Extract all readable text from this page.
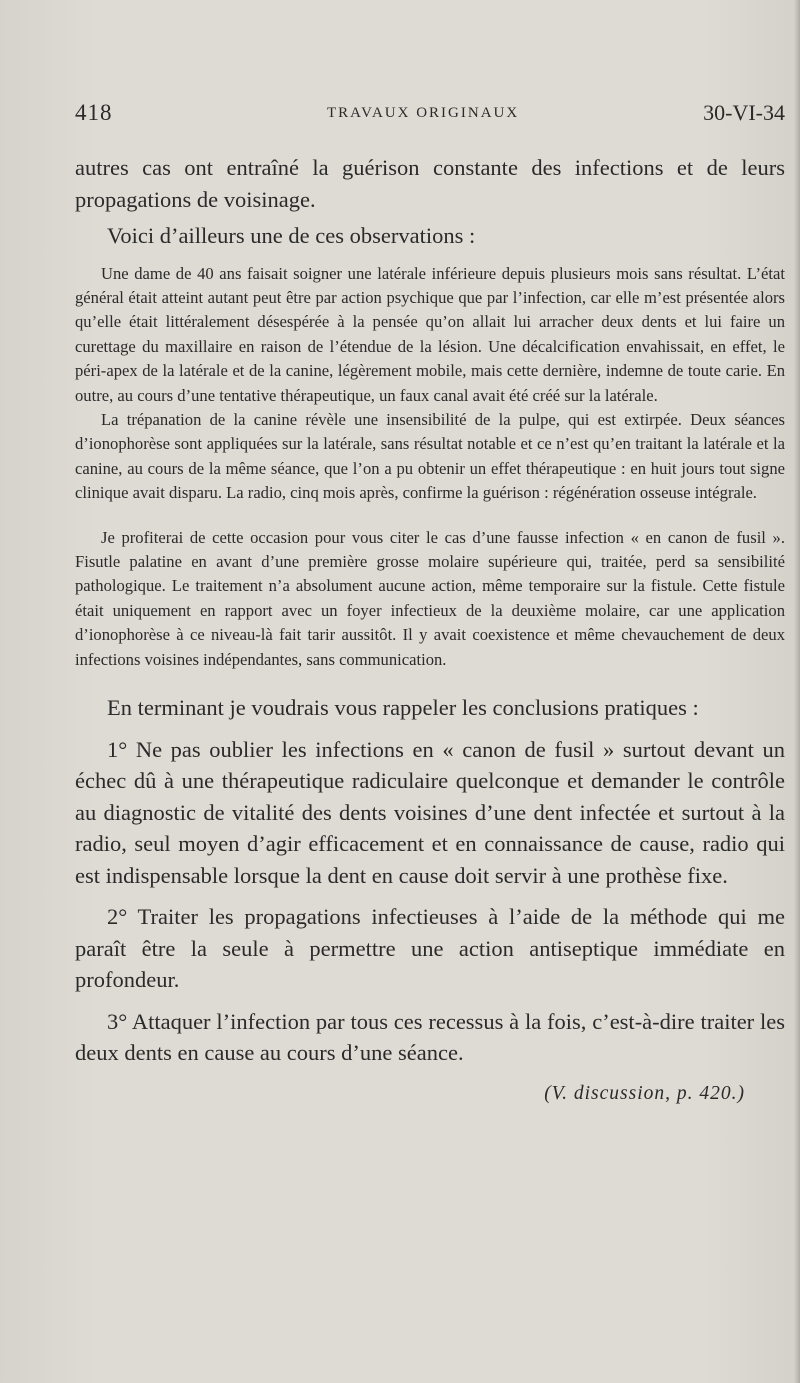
418	TRAVAUX ORIGINAUX	30-VI-34

autres cas ont entraîné la guérison constante des infections et de leurs propagations de voisinage.

Voici d’ailleurs une de ces observations :

Une dame de 40 ans faisait soigner une latérale inférieure depuis plusieurs mois sans résultat. L’état général était atteint autant peut être par action psychique que par l’infection, car elle m’est présentée alors qu’elle était littéralement désespérée à la pensée qu’on allait lui arracher deux dents et lui faire un curettage du maxillaire en raison de l’étendue de la lésion. Une décalcification envahissait, en effet, le péri-apex de la latérale et de la canine, légèrement mobile, mais cette dernière, indemne de toute carie. En outre, au cours d’une tentative thérapeutique, un faux canal avait été créé sur la latérale.

La trépanation de la canine révèle une insensibilité de la pulpe, qui est extirpée. Deux séances d’ionophorèse sont appliquées sur la latérale, sans résultat notable et ce n’est qu’en traitant la latérale et la canine, au cours de la même séance, que l’on a pu obtenir un effet thérapeutique : en huit jours tout signe clinique avait disparu. La radio, cinq mois après, confirme la guérison : régénération osseuse intégrale.

Je profiterai de cette occasion pour vous citer le cas d’une fausse infection « en canon de fusil ». Fisutle palatine en avant d’une première grosse molaire supérieure qui, traitée, perd sa sensibilité pathologique. Le traitement n’a absolument aucune action, même temporaire sur la fistule. Cette fistule était uniquement en rapport avec un foyer infectieux de la deuxième molaire, car une application d’ionophorèse à ce niveau-là fait tarir aussitôt. Il y avait coexistence et même chevauchement de deux infections voisines indépendantes, sans communication.

En terminant je voudrais vous rappeler les conclusions pratiques :

1° Ne pas oublier les infections en « canon de fusil » surtout devant un échec dû à une thérapeutique radiculaire quelconque et demander le contrôle au diagnostic de vitalité des dents voisines d’une dent infectée et surtout à la radio, seul moyen d’agir efficacement et en connaissance de cause, radio qui est indispensable lorsque la dent en cause doit servir à une prothèse fixe.

2° Traiter les propagations infectieuses à l’aide de la méthode qui me paraît être la seule à permettre une action antiseptique immédiate en profondeur.

3° Attaquer l’infection par tous ces recessus à la fois, c’est-à-dire traiter les deux dents en cause au cours d’une séance.

(V. discussion, p. 420.)
